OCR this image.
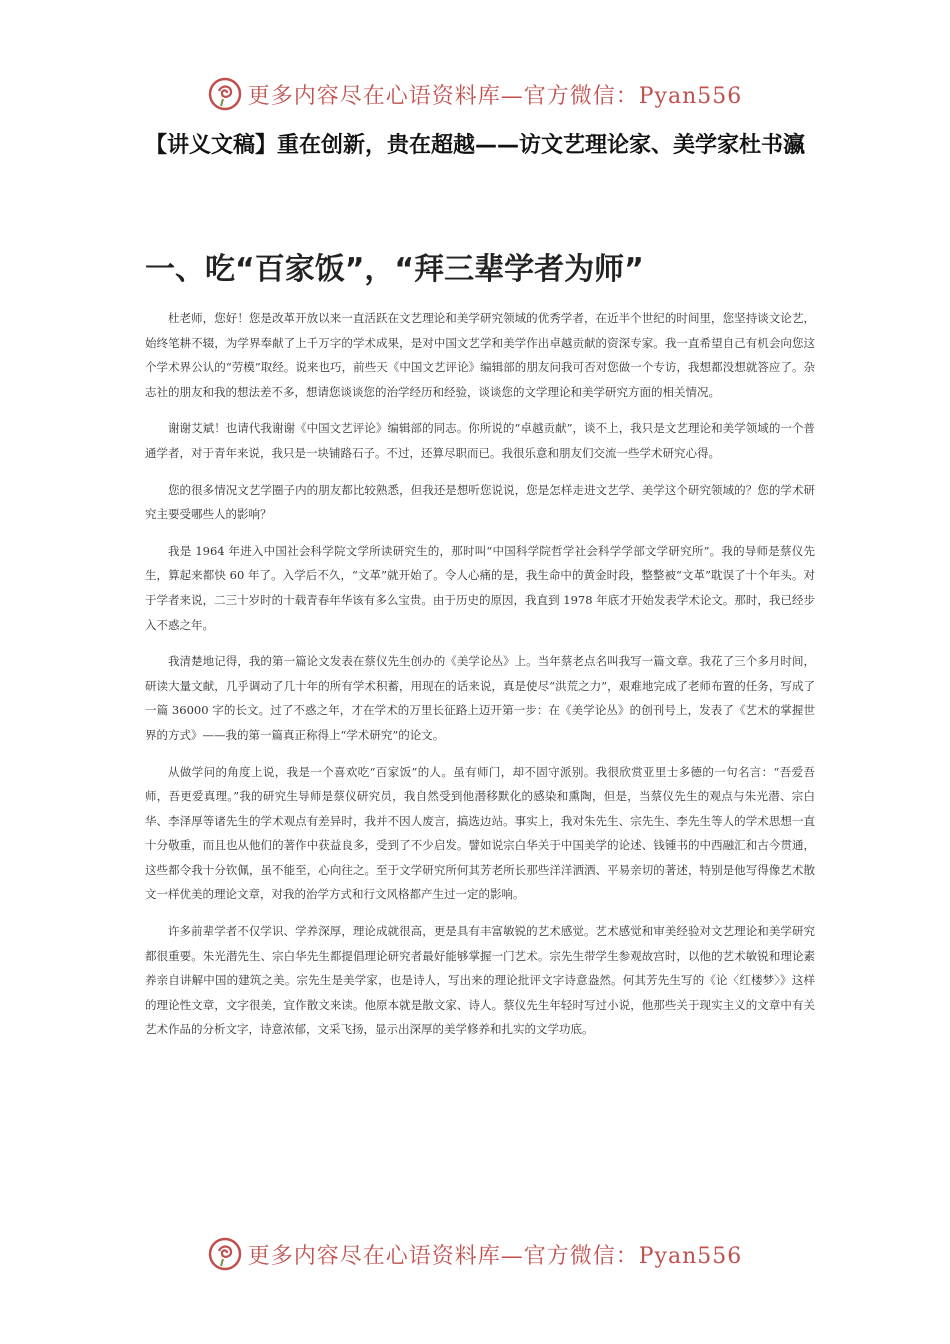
更多内容尽在心语资料库—官方微信：Pyan556
【讲义文稿】重在创新，贵在超越——访文艺理论家、美学家杜书瀛
一、吃“百家饭”，“拜三辈学者为师”

杜老师，您好！您是改革开放以来一直活跃在文艺理论和美学研究领域的优秀学者，在近半个世纪的时间里，您坚持谈文论艺，始终笔耕不辍，为学界奉献了上千万字的学术成果，是对中国文艺学和美学作出卓越贡献的资深专家。我一直希望自己有机会向您这个学术界公认的“劳模”取经。说来也巧，前些天《中国文艺评论》编辑部的朋友问我可否对您做一个专访，我想都没想就答应了。杂志社的朋友和我的想法差不多，想请您谈谈您的治学经历和经验，谈谈您的文学理论和美学研究方面的相关情况。

谢谢艾斌！也请代我谢谢《中国文艺评论》编辑部的同志。你所说的“卓越贡献”，谈不上，我只是文艺理论和美学领域的一个普通学者，对于青年来说，我只是一块铺路石子。不过，还算尽职而已。我很乐意和朋友们交流一些学术研究心得。

您的很多情况文艺学圈子内的朋友都比较熟悉，但我还是想听您说说，您是怎样走进文艺学、美学这个研究领域的？您的学术研究主要受哪些人的影响？

我是 1964 年进入中国社会科学院文学所读研究生的，那时叫“中国科学院哲学社会科学学部文学研究所”。我的导师是蔡仪先生，算起来都快 60 年了。入学后不久，“文革”就开始了。令人心痛的是，我生命中的黄金时段，整整被“文革”耽误了十个年头。对于学者来说，二三十岁时的十载青春年华该有多么宝贵。由于历史的原因，我直到 1978 年底才开始发表学术论文。那时，我已经步入不惑之年。

我清楚地记得，我的第一篇论文发表在蔡仪先生创办的《美学论丛》上。当年蔡老点名叫我写一篇文章。我花了三个多月时间，研读大量文献，几乎调动了几十年的所有学术积蓄，用现在的话来说，真是使尽“洪荒之力”，艰难地完成了老师布置的任务，写成了一篇 36000 字的长文。过了不惑之年，才在学术的万里长征路上迈开第一步：在《美学论丛》的创刊号上，发表了《艺术的掌握世界的方式》——我的第一篇真正称得上“学术研究”的论文。

从做学问的角度上说，我是一个喜欢吃“百家饭”的人。虽有师门，却不固守派别。我很欣赏亚里士多德的一句名言：“吾爱吾师，吾更爱真理。”我的研究生导师是蔡仪研究员，我自然受到他潜移默化的感染和熏陶，但是，当蔡仪先生的观点与朱光潜、宗白华、李泽厚等诸先生的学术观点有差异时，我并不因人废言，搞选边站。事实上，我对朱先生、宗先生、李先生等人的学术思想一直十分敬重，而且也从他们的著作中获益良多，受到了不少启发。譬如说宗白华关于中国美学的论述、钱锺书的中西融汇和古今贯通，这些都令我十分钦佩，虽不能至，心向往之。至于文学研究所何其芳老所长那些洋洋洒洒、平易亲切的著述，特别是他写得像艺术散文一样优美的理论文章，对我的治学方式和行文风格都产生过一定的影响。

许多前辈学者不仅学识、学养深厚，理论成就很高，更是具有丰富敏锐的艺术感觉。艺术感觉和审美经验对文艺理论和美学研究都很重要。朱光潜先生、宗白华先生都提倡理论研究者最好能够掌握一门艺术。宗先生带学生参观故宫时，以他的艺术敏锐和理论素养亲自讲解中国的建筑之美。宗先生是美学家，也是诗人，写出来的理论批评文字诗意盎然。何其芳先生写的《论〈红楼梦〉》这样的理论性文章，文字很美，宜作散文来读。他原本就是散文家、诗人。蔡仪先生年轻时写过小说，他那些关于现实主义的文章中有关艺术作品的分析文字，诗意浓郁，文采飞扬，显示出深厚的美学修养和扎实的文学功底。

更多内容尽在心语资料库—官方微信：Pyan556
